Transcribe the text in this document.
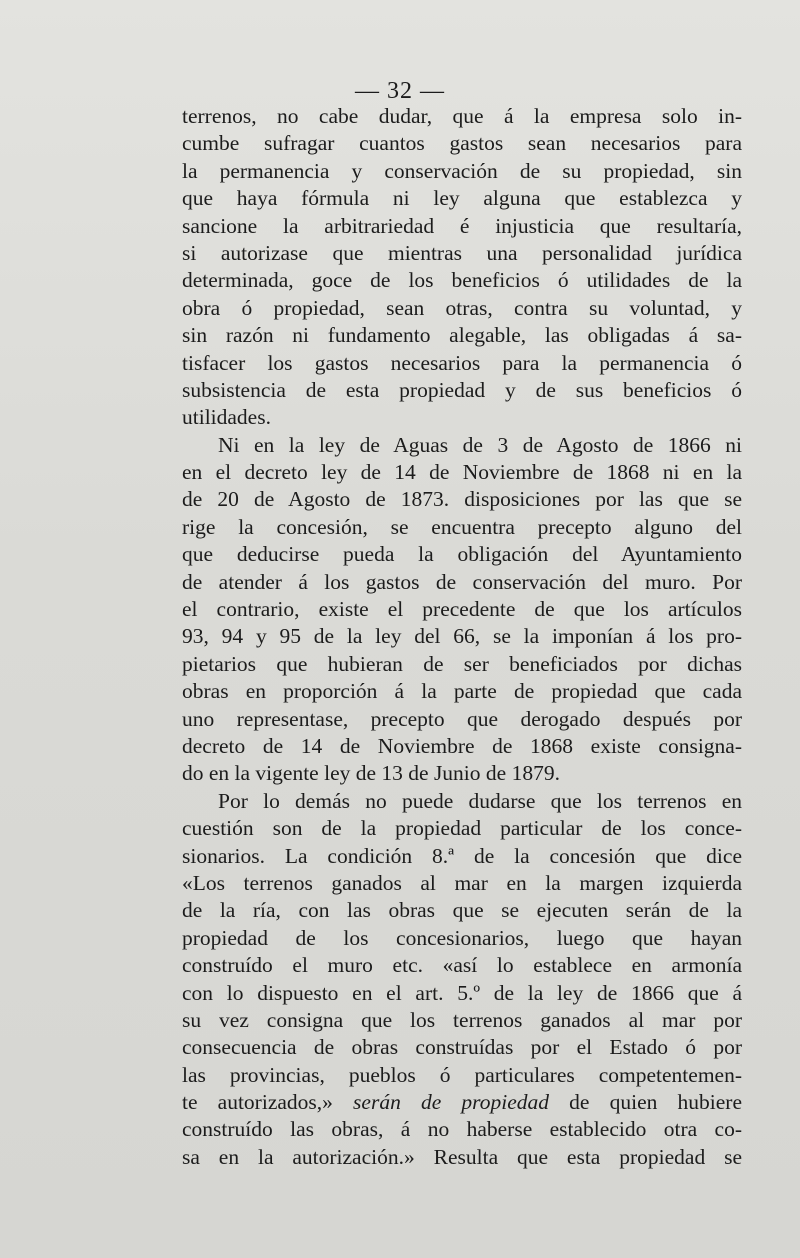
— 32 —
terrenos, no cabe dudar, que á la empresa solo in-
cumbe sufragar cuantos gastos sean necesarios para
la permanencia y conservación de su propiedad, sin
que haya fórmula ni ley alguna que establezca y
sancione la arbitrariedad é injusticia que resultaría,
si autorizase que mientras una personalidad jurídica
determinada, goce de los beneficios ó utilidades de la
obra ó propiedad, sean otras, contra su voluntad, y
sin razón ni fundamento alegable, las obligadas á sa-
tisfacer los gastos necesarios para la permanencia ó
subsistencia de esta propiedad y de sus beneficios ó
utilidades.
Ni en la ley de Aguas de 3 de Agosto de 1866 ni
en el decreto ley de 14 de Noviembre de 1868 ni en la
de 20 de Agosto de 1873. disposiciones por las que se
rige la concesión, se encuentra precepto alguno del
que deducirse pueda la obligación del Ayuntamiento
de atender á los gastos de conservación del muro. Por
el contrario, existe el precedente de que los artículos
93, 94 y 95 de la ley del 66, se la imponían á los pro-
pietarios que hubieran de ser beneficiados por dichas
obras en proporción á la parte de propiedad que cada
uno representase, precepto que derogado después por
decreto de 14 de Noviembre de 1868 existe consigna-
do en la vigente ley de 13 de Junio de 1879.
Por lo demás no puede dudarse que los terrenos en
cuestión son de la propiedad particular de los conce-
sionarios. La condición 8.ª de la concesión que dice
«Los terrenos ganados al mar en la margen izquierda
de la ría, con las obras que se ejecuten serán de la
propiedad de los concesionarios, luego que hayan
construído el muro etc. «así lo establece en armonía
con lo dispuesto en el art. 5.º de la ley de 1866 que á
su vez consigna que los terrenos ganados al mar por
consecuencia de obras construídas por el Estado ó por
las provincias, pueblos ó particulares competentemen-
te autorizados,» serán de propiedad de quien hubiere
construído las obras, á no haberse establecido otra co-
sa en la autorización.» Resulta que esta propiedad se
